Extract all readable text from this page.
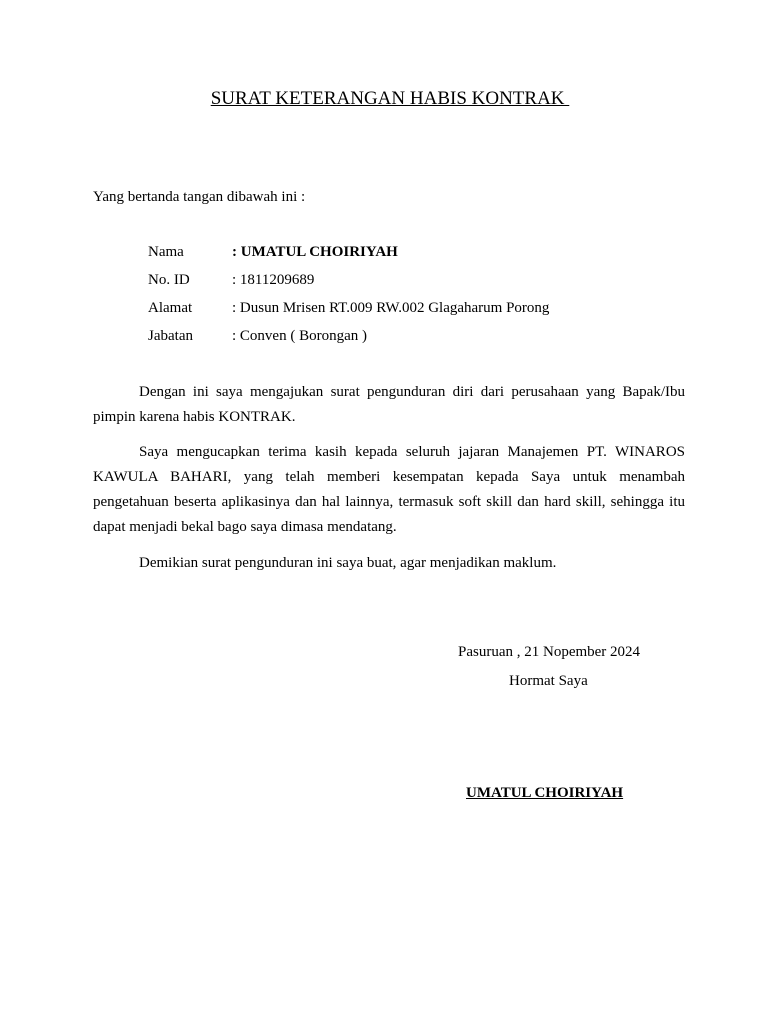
SURAT KETERANGAN HABIS KONTRAK
Yang bertanda tangan dibawah ini :
Nama	: UMATUL CHOIRIYAH
No. ID	: 1811209689
Alamat	: Dusun Mrisen RT.009 RW.002 Glagaharum Porong
Jabatan	: Conven ( Borongan )

Dengan ini saya mengajukan surat pengunduran diri dari perusahaan yang Bapak/Ibu pimpin karena habis KONTRAK.

Saya mengucapkan terima kasih kepada seluruh jajaran Manajemen PT. WINAROS KAWULA BAHARI, yang telah memberi kesempatan kepada Saya untuk menambah pengetahuan beserta aplikasinya dan hal lainnya, termasuk soft skill dan hard skill, sehingga itu dapat menjadi bekal bago saya dimasa mendatang.

Demikian surat pengunduran ini saya buat, agar menjadikan maklum.

Pasuruan , 21 Nopember 2024
Hormat Saya
UMATUL CHOIRIYAH
